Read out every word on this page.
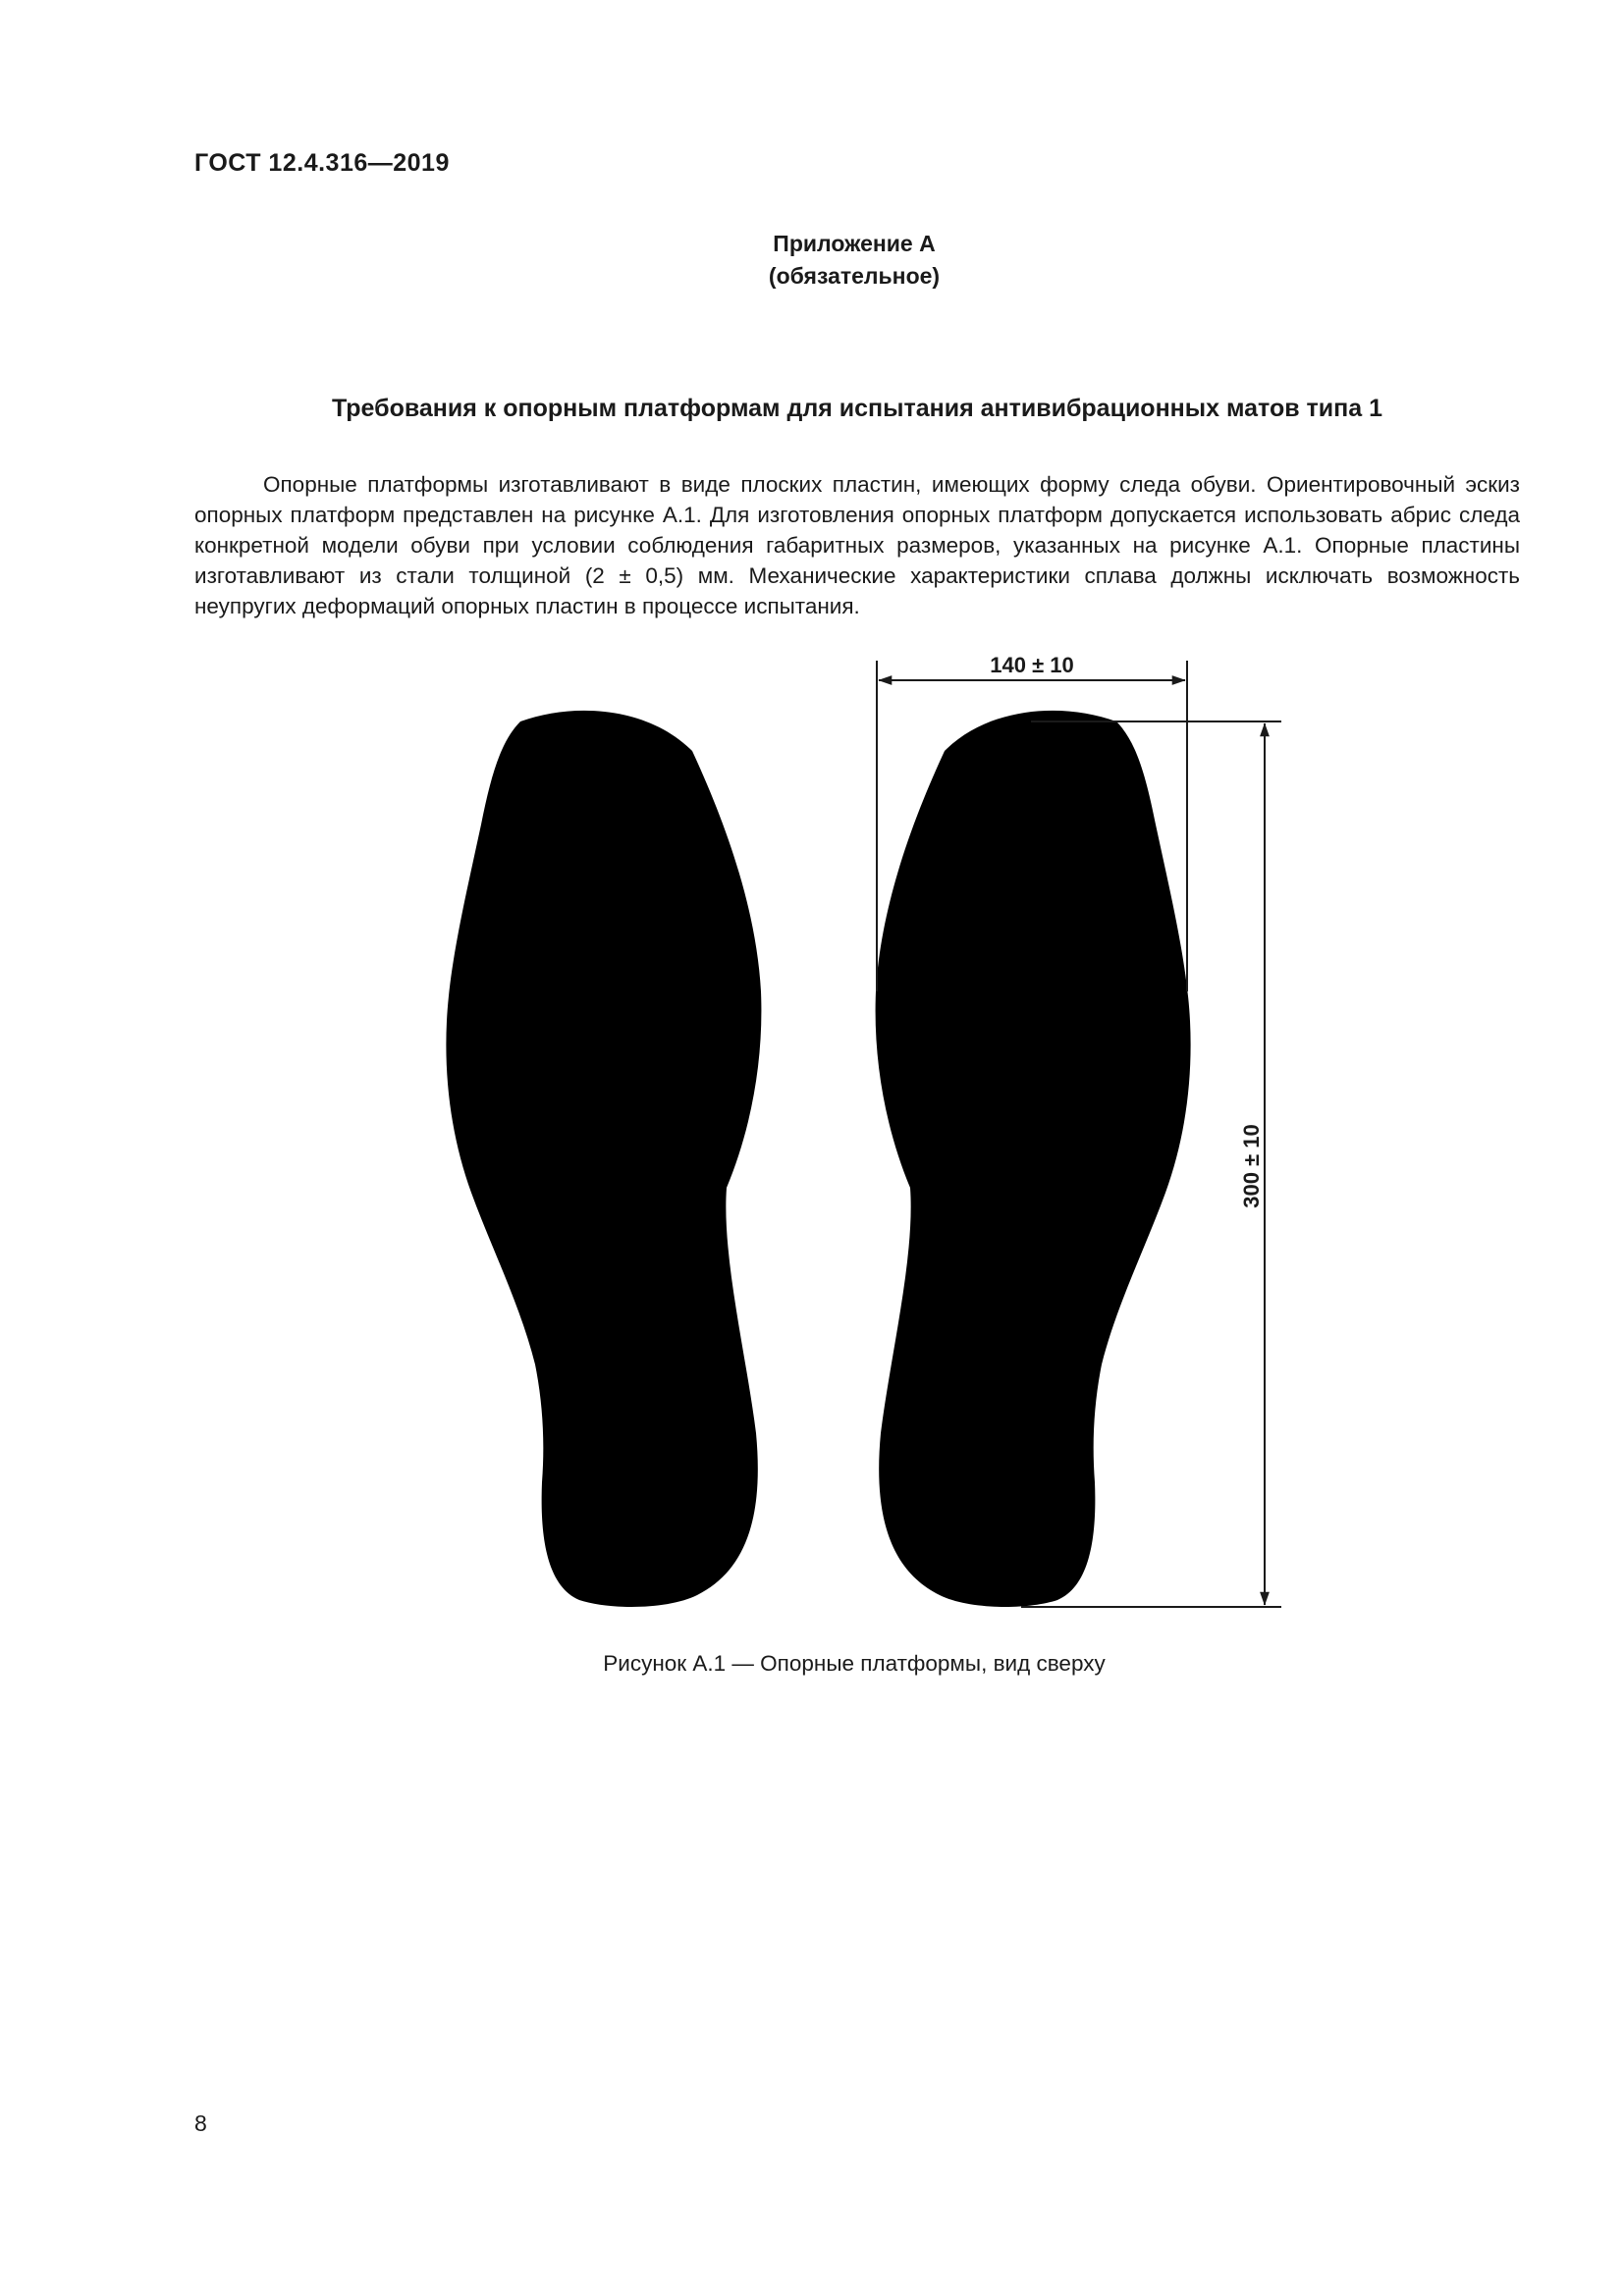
ГОСТ 12.4.316—2019
Приложение А
(обязательное)
Требования к опорным платформам для испытания антивибрационных матов типа 1

Опорные платформы изготавливают в виде плоских пластин, имеющих форму следа обуви. Ориентировочный эскиз опорных платформ представлен на рисунке А.1. Для изготовления опорных платформ допускается использовать абрис следа конкретной модели обуви при условии соблюдения габаритных размеров, указанных на рисунке А.1. Опорные пластины изготавливают из стали толщиной (2 ± 0,5) мм. Механические характеристики сплава должны исключать возможность неупругих деформаций опорных пластин в процессе испытания.

140 ± 10
300 ± 10
Рисунок А.1 — Опорные платформы, вид сверху
8
